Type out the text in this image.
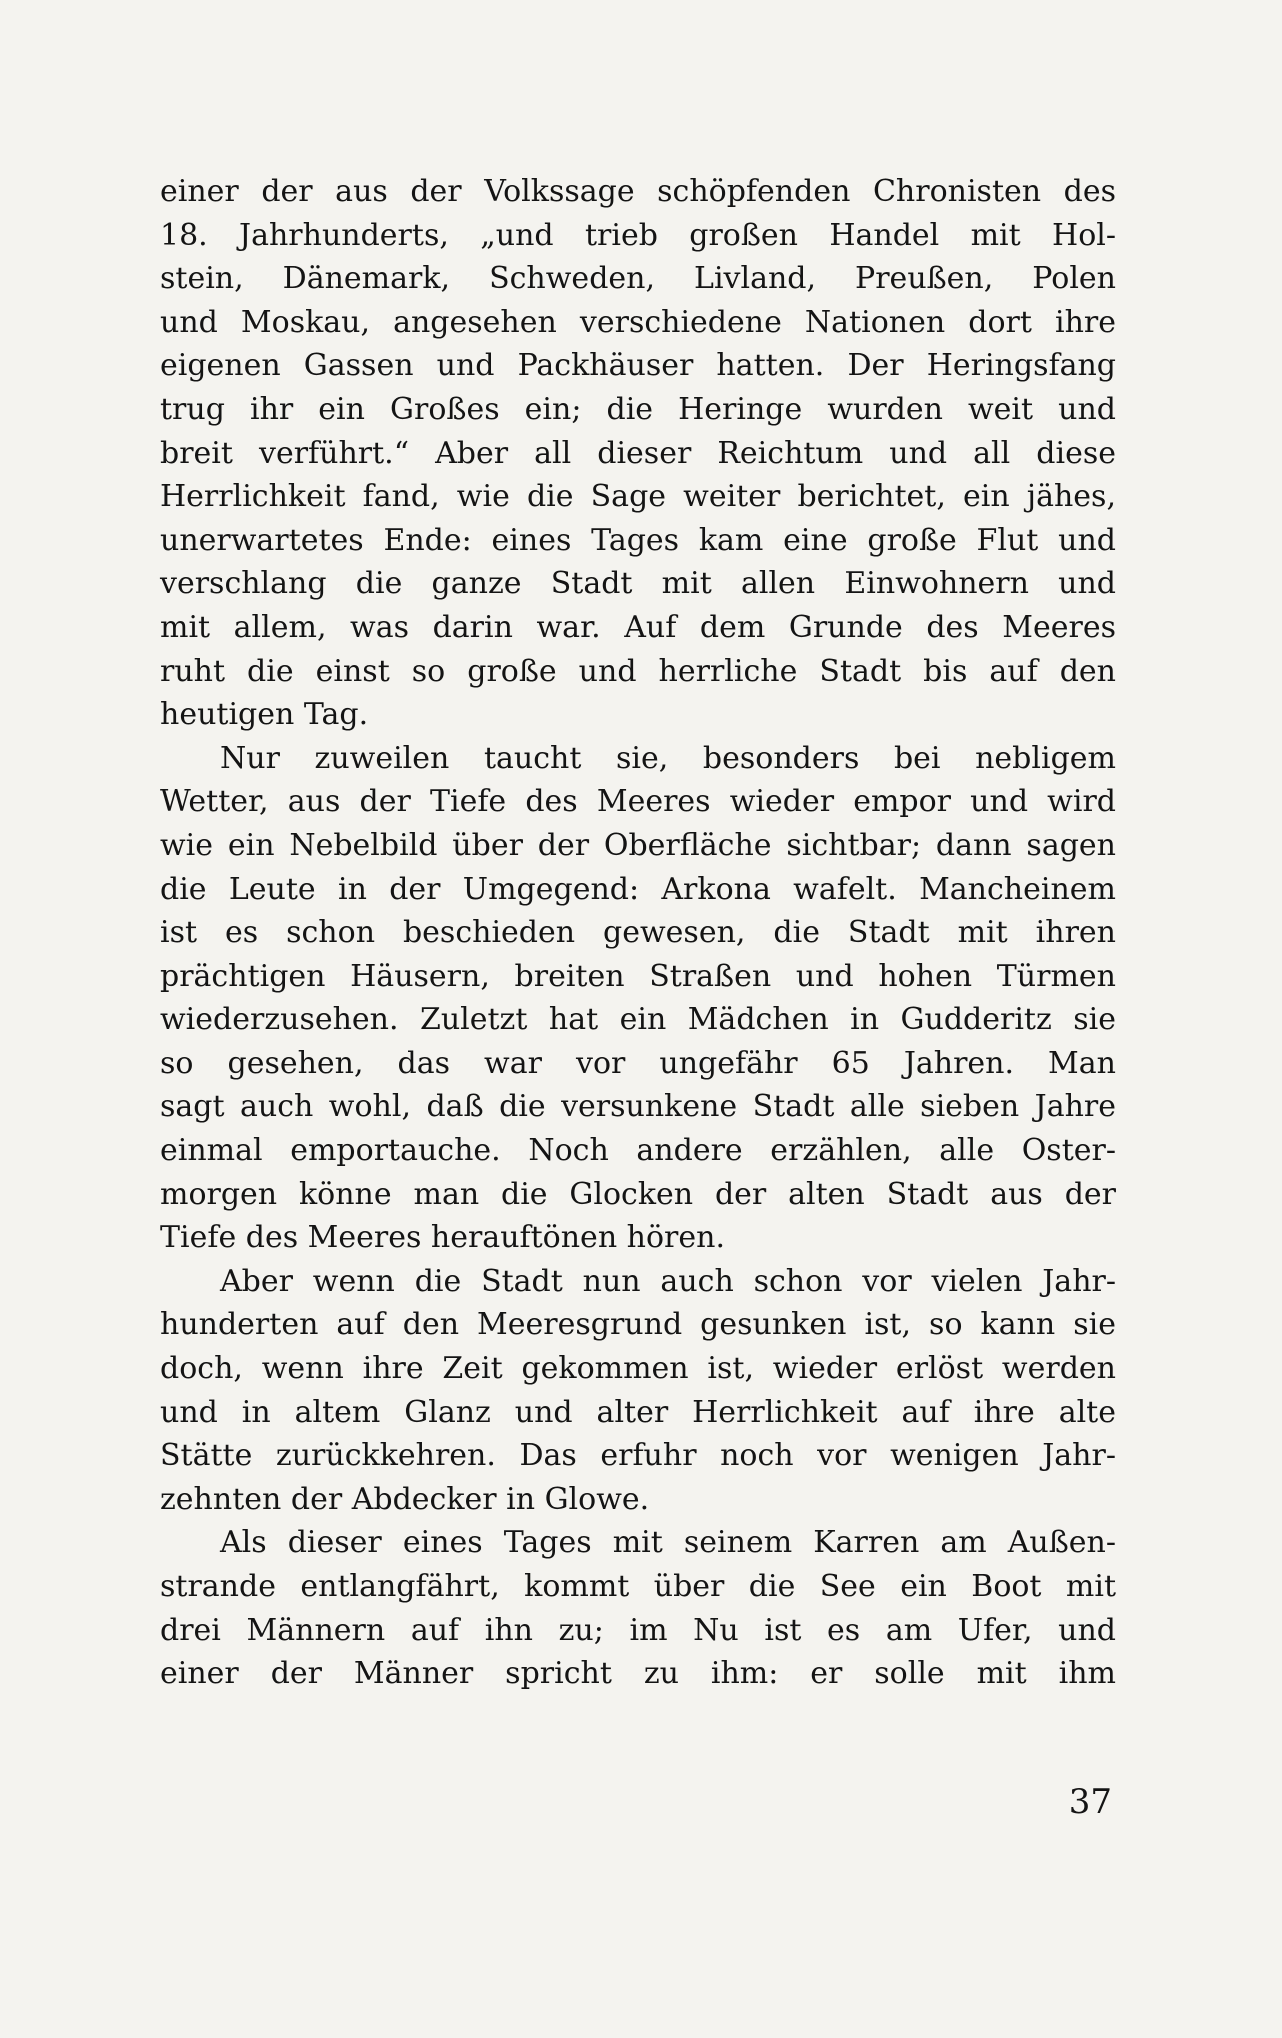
einer der aus der Volkssage schöpfenden Chronisten des
18. Jahrhunderts, „und trieb großen Handel mit Hol-
stein, Dänemark, Schweden, Livland, Preußen, Polen
und Moskau, angesehen verschiedene Nationen dort ihre
eigenen Gassen und Packhäuser hatten. Der Heringsfang
trug ihr ein Großes ein; die Heringe wurden weit und
breit verführt.“ Aber all dieser Reichtum und all diese
Herrlichkeit fand, wie die Sage weiter berichtet, ein jähes,
unerwartetes Ende: eines Tages kam eine große Flut und
verschlang die ganze Stadt mit allen Einwohnern und
mit allem, was darin war. Auf dem Grunde des Meeres
ruht die einst so große und herrliche Stadt bis auf den
heutigen Tag.
Nur zuweilen taucht sie, besonders bei nebligem
Wetter, aus der Tiefe des Meeres wieder empor und wird
wie ein Nebelbild über der Oberfläche sichtbar; dann sagen
die Leute in der Umgegend: Arkona wafelt. Mancheinem
ist es schon beschieden gewesen, die Stadt mit ihren
prächtigen Häusern, breiten Straßen und hohen Türmen
wiederzusehen. Zuletzt hat ein Mädchen in Gudderitz sie
so gesehen, das war vor ungefähr 65 Jahren. Man
sagt auch wohl, daß die versunkene Stadt alle sieben Jahre
einmal emportauche. Noch andere erzählen, alle Oster-
morgen könne man die Glocken der alten Stadt aus der
Tiefe des Meeres herauftönen hören.
Aber wenn die Stadt nun auch schon vor vielen Jahr-
hunderten auf den Meeresgrund gesunken ist, so kann sie
doch, wenn ihre Zeit gekommen ist, wieder erlöst werden
und in altem Glanz und alter Herrlichkeit auf ihre alte
Stätte zurückkehren. Das erfuhr noch vor wenigen Jahr-
zehnten der Abdecker in Glowe.
Als dieser eines Tages mit seinem Karren am Außen-
strande entlangfährt, kommt über die See ein Boot mit
drei Männern auf ihn zu; im Nu ist es am Ufer, und
einer der Männer spricht zu ihm: er solle mit ihm
37
